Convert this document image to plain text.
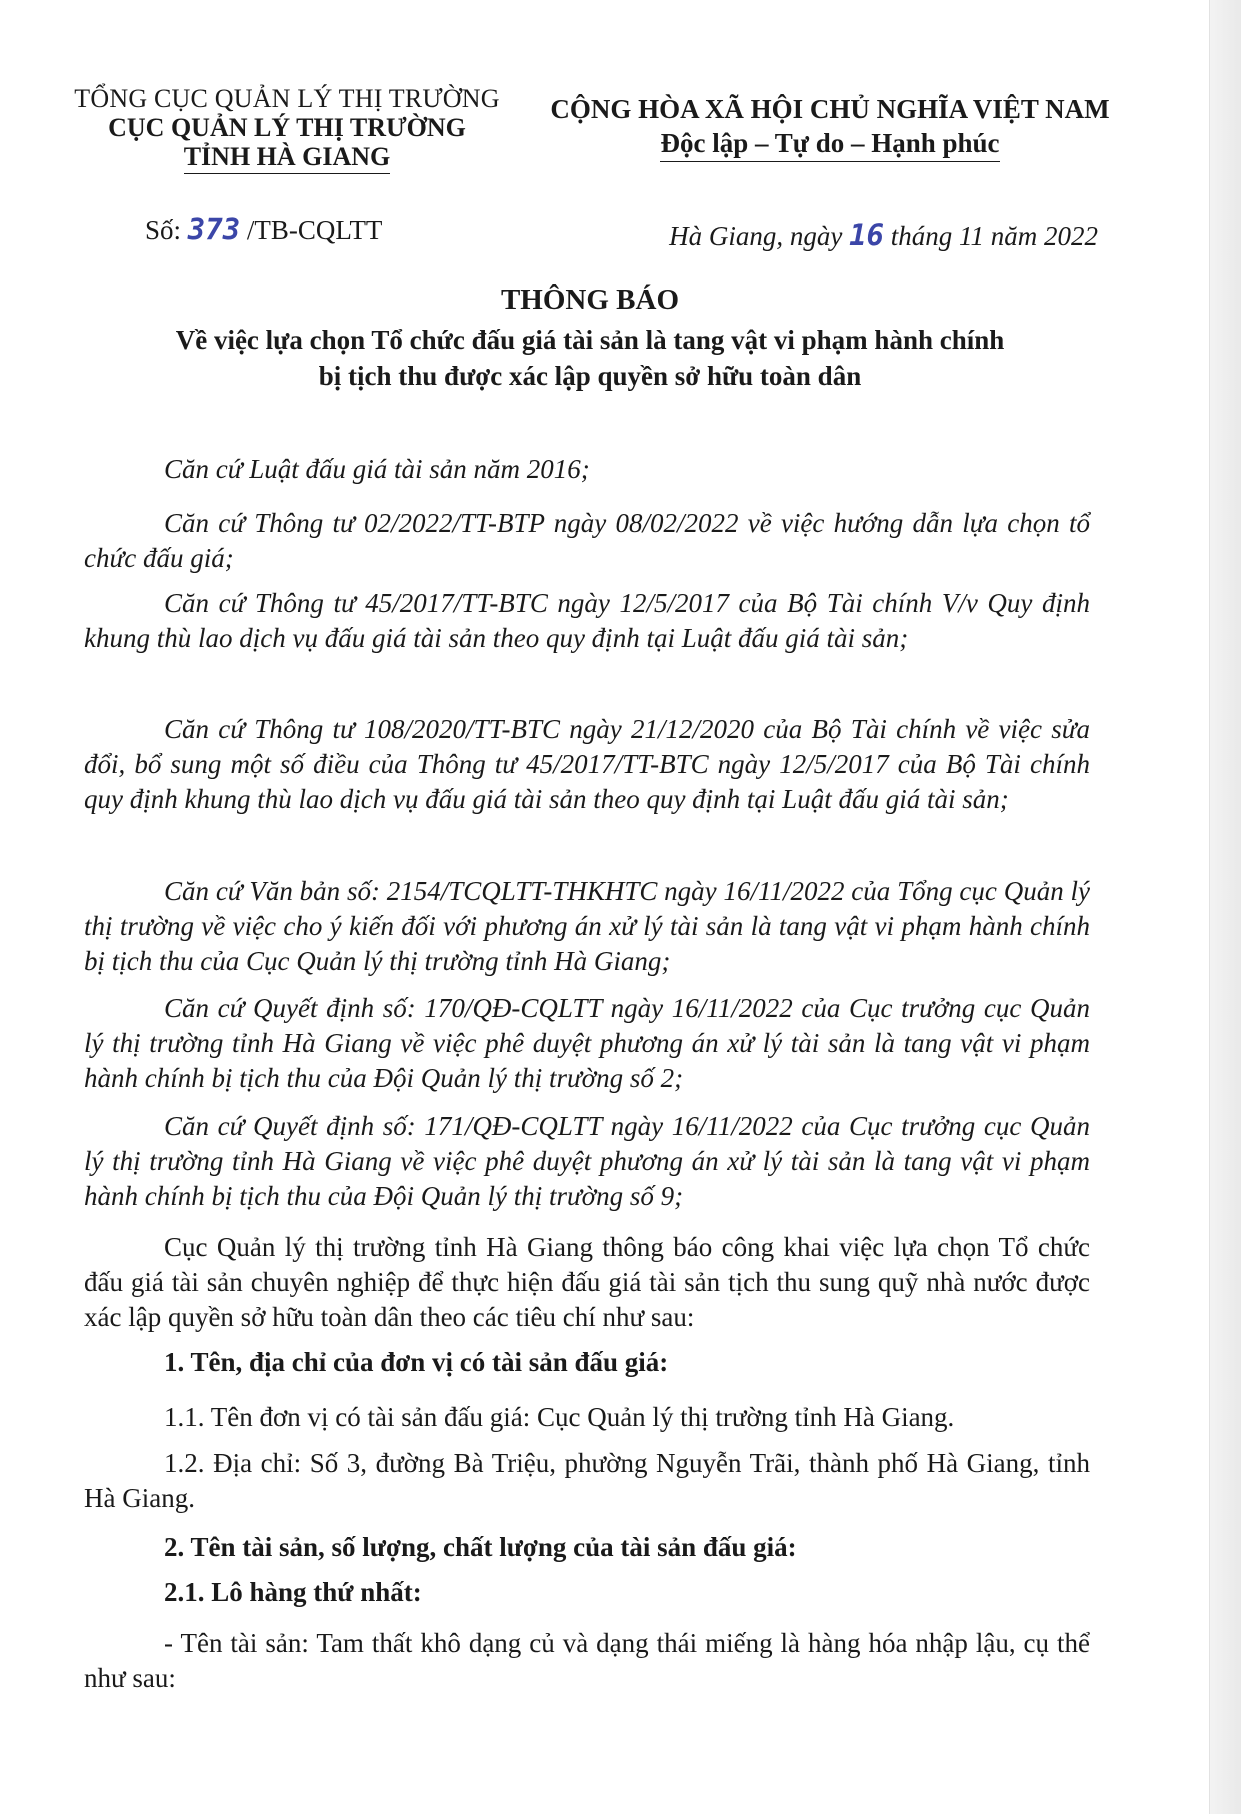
TỔNG CỤC QUẢN LÝ THỊ TRƯỜNG
CỤC QUẢN LÝ THỊ TRƯỜNG
TỈNH HÀ GIANG
CỘNG HÒA XÃ HỘI CHỦ NGHĨA VIỆT NAM
Độc lập – Tự do – Hạnh phúc
Số: 373 /TB-CQLTT	Hà Giang, ngày 16 tháng 11 năm 2022
THÔNG BÁO
Về việc lựa chọn Tổ chức đấu giá tài sản là tang vật vi phạm hành chính
bị tịch thu được xác lập quyền sở hữu toàn dân
Căn cứ Luật đấu giá tài sản năm 2016;
Căn cứ Thông tư 02/2022/TT-BTP ngày 08/02/2022 về việc hướng dẫn lựa chọn tổ chức đấu giá;
Căn cứ Thông tư 45/2017/TT-BTC ngày 12/5/2017 của Bộ Tài chính V/v Quy định khung thù lao dịch vụ đấu giá tài sản theo quy định tại Luật đấu giá tài sản;
Căn cứ Thông tư 108/2020/TT-BTC ngày 21/12/2020 của Bộ Tài chính về việc sửa đổi, bổ sung một số điều của Thông tư 45/2017/TT-BTC ngày 12/5/2017 của Bộ Tài chính quy định khung thù lao dịch vụ đấu giá tài sản theo quy định tại Luật đấu giá tài sản;
Căn cứ Văn bản số: 2154/TCQLTT-THKHTC ngày 16/11/2022 của Tổng cục Quản lý thị trường về việc cho ý kiến đối với phương án xử lý tài sản là tang vật vi phạm hành chính bị tịch thu của Cục Quản lý thị trường tỉnh Hà Giang;
Căn cứ Quyết định số: 170/QĐ-CQLTT ngày 16/11/2022 của Cục trưởng cục Quản lý thị trường tỉnh Hà Giang về việc phê duyệt phương án xử lý tài sản là tang vật vi phạm hành chính bị tịch thu của Đội Quản lý thị trường số 2;
Căn cứ Quyết định số: 171/QĐ-CQLTT ngày 16/11/2022 của Cục trưởng cục Quản lý thị trường tỉnh Hà Giang về việc phê duyệt phương án xử lý tài sản là tang vật vi phạm hành chính bị tịch thu của Đội Quản lý thị trường số 9;
Cục Quản lý thị trường tỉnh Hà Giang thông báo công khai việc lựa chọn Tổ chức đấu giá tài sản chuyên nghiệp để thực hiện đấu giá tài sản tịch thu sung quỹ nhà nước được xác lập quyền sở hữu toàn dân theo các tiêu chí như sau:
1. Tên, địa chỉ của đơn vị có tài sản đấu giá:
1.1. Tên đơn vị có tài sản đấu giá: Cục Quản lý thị trường tỉnh Hà Giang.
1.2. Địa chỉ: Số 3, đường Bà Triệu, phường Nguyễn Trãi, thành phố Hà Giang, tỉnh Hà Giang.
2. Tên tài sản, số lượng, chất lượng của tài sản đấu giá:
2.1. Lô hàng thứ nhất:
- Tên tài sản: Tam thất khô dạng củ và dạng thái miếng là hàng hóa nhập lậu, cụ thể như sau:
